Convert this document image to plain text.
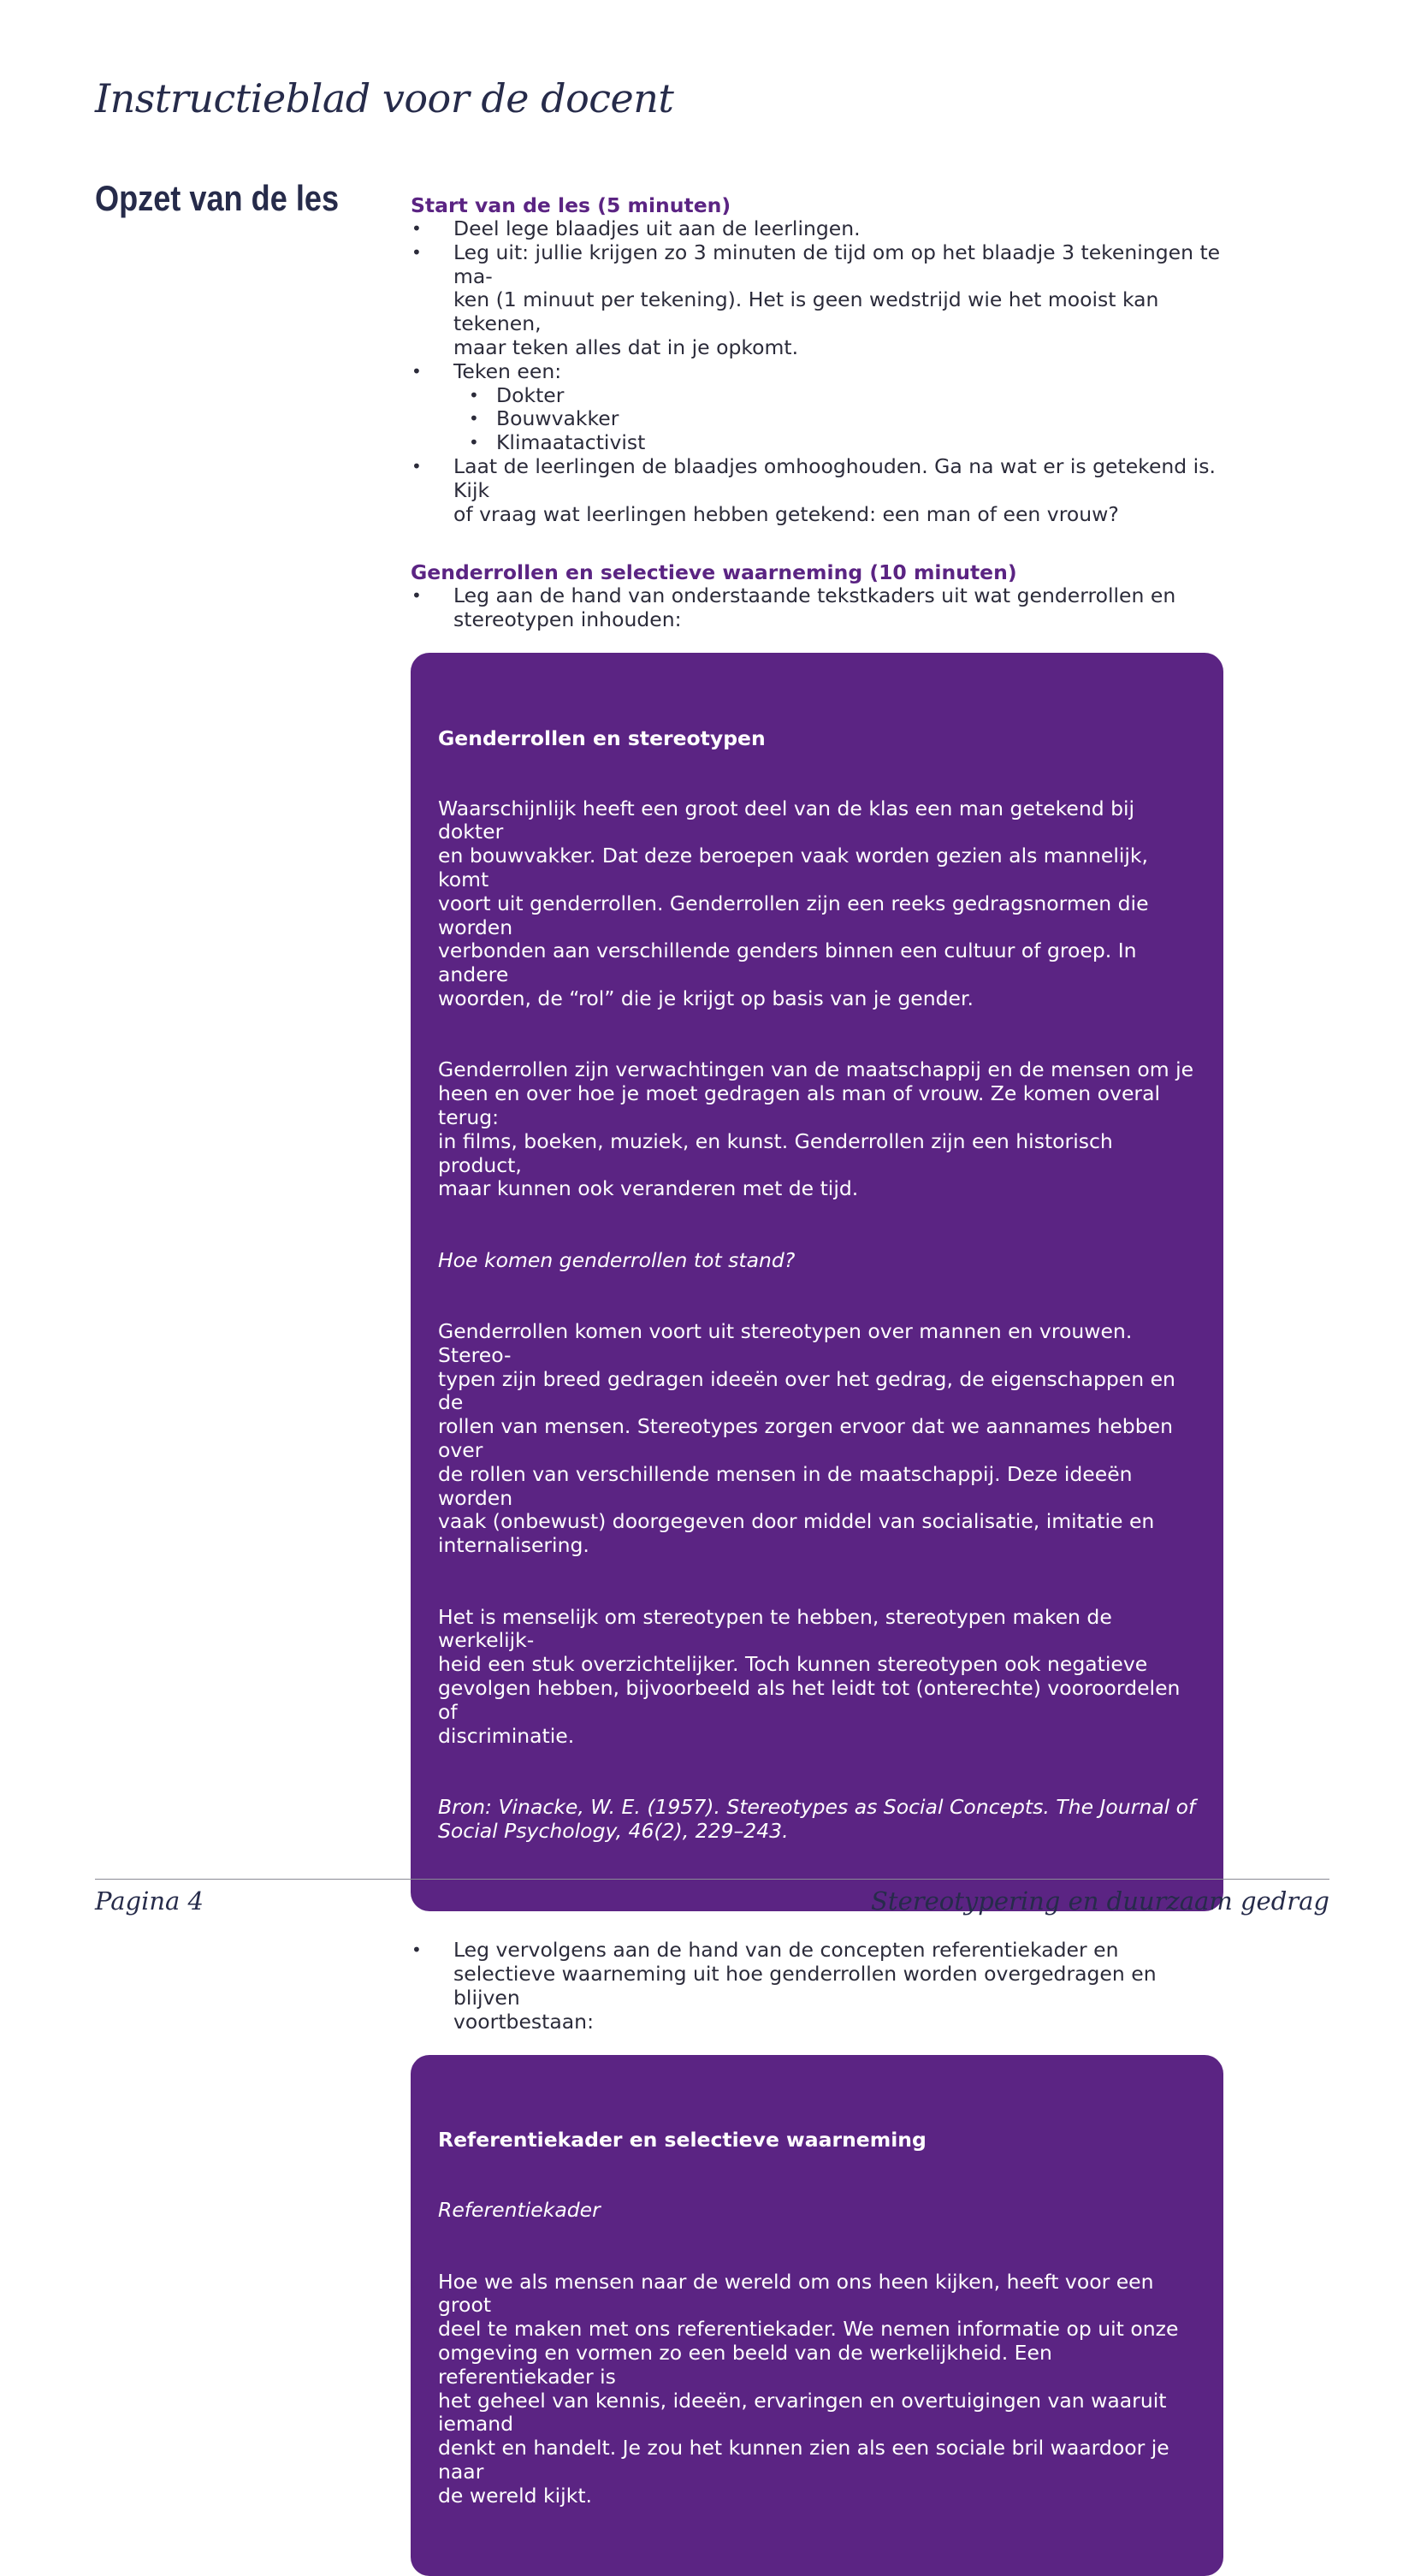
Instructieblad voor de docent
Opzet van de les	Start van de les (5 minuten)
• Deel lege blaadjes uit aan de leerlingen.
• Leg uit: jullie krijgen zo 3 minuten de tijd om op het blaadje 3 tekeningen te ma-
ken (1 minuut per tekening). Het is geen wedstrijd wie het mooist kan tekenen,
maar teken alles dat in je opkomt.
• Teken een:
• Dokter
• Bouwvakker
• Klimaatactivist
• Laat de leerlingen de blaadjes omhooghouden. Ga na wat er is getekend is. Kijk
of vraag wat leerlingen hebben getekend: een man of een vrouw?
Genderrollen en selectieve waarneming (10 minuten)
• Leg aan de hand van onderstaande tekstkaders uit wat genderrollen en
stereotypen inhouden:

Genderrollen en stereotypen

Waarschijnlijk heeft een groot deel van de klas een man getekend bij dokter
en bouwvakker. Dat deze beroepen vaak worden gezien als mannelijk, komt
voort uit genderrollen. Genderrollen zijn een reeks gedragsnormen die worden
verbonden aan verschillende genders binnen een cultuur of groep. In andere
woorden, de “rol” die je krijgt op basis van je gender.

Genderrollen zijn verwachtingen van de maatschappij en de mensen om je
heen en over hoe je moet gedragen als man of vrouw. Ze komen overal terug:
in films, boeken, muziek, en kunst. Genderrollen zijn een historisch product,
maar kunnen ook veranderen met de tijd.

Hoe komen genderrollen tot stand?

Genderrollen komen voort uit stereotypen over mannen en vrouwen. Stereo-
typen zijn breed gedragen ideeën over het gedrag, de eigenschappen en de
rollen van mensen. Stereotypes zorgen ervoor dat we aannames hebben over
de rollen van verschillende mensen in de maatschappij. Deze ideeën worden
vaak (onbewust) doorgegeven door middel van socialisatie, imitatie en
internalisering.

Het is menselijk om stereotypen te hebben, stereotypen maken de werkelijk-
heid een stuk overzichtelijker. Toch kunnen stereotypen ook negatieve
gevolgen hebben, bijvoorbeeld als het leidt tot (onterechte) vooroordelen of
discriminatie.

Bron: Vinacke, W. E. (1957). Stereotypes as Social Concepts. The Journal of
Social Psychology, 46(2), 229–243.

• Leg vervolgens aan de hand van de concepten referentiekader en
selectieve waarneming uit hoe genderrollen worden overgedragen en blijven
voortbestaan:

Referentiekader en selectieve waarneming

Referentiekader

Hoe we als mensen naar de wereld om ons heen kijken, heeft voor een groot
deel te maken met ons referentiekader. We nemen informatie op uit onze
omgeving en vormen zo een beeld van de werkelijkheid. Een referentiekader is
het geheel van kennis, ideeën, ervaringen en overtuigingen van waaruit iemand
denkt en handelt. Je zou het kunnen zien als een sociale bril waardoor je naar
de wereld kijkt.

Pagina 4	Stereotypering en duurzaam gedrag
